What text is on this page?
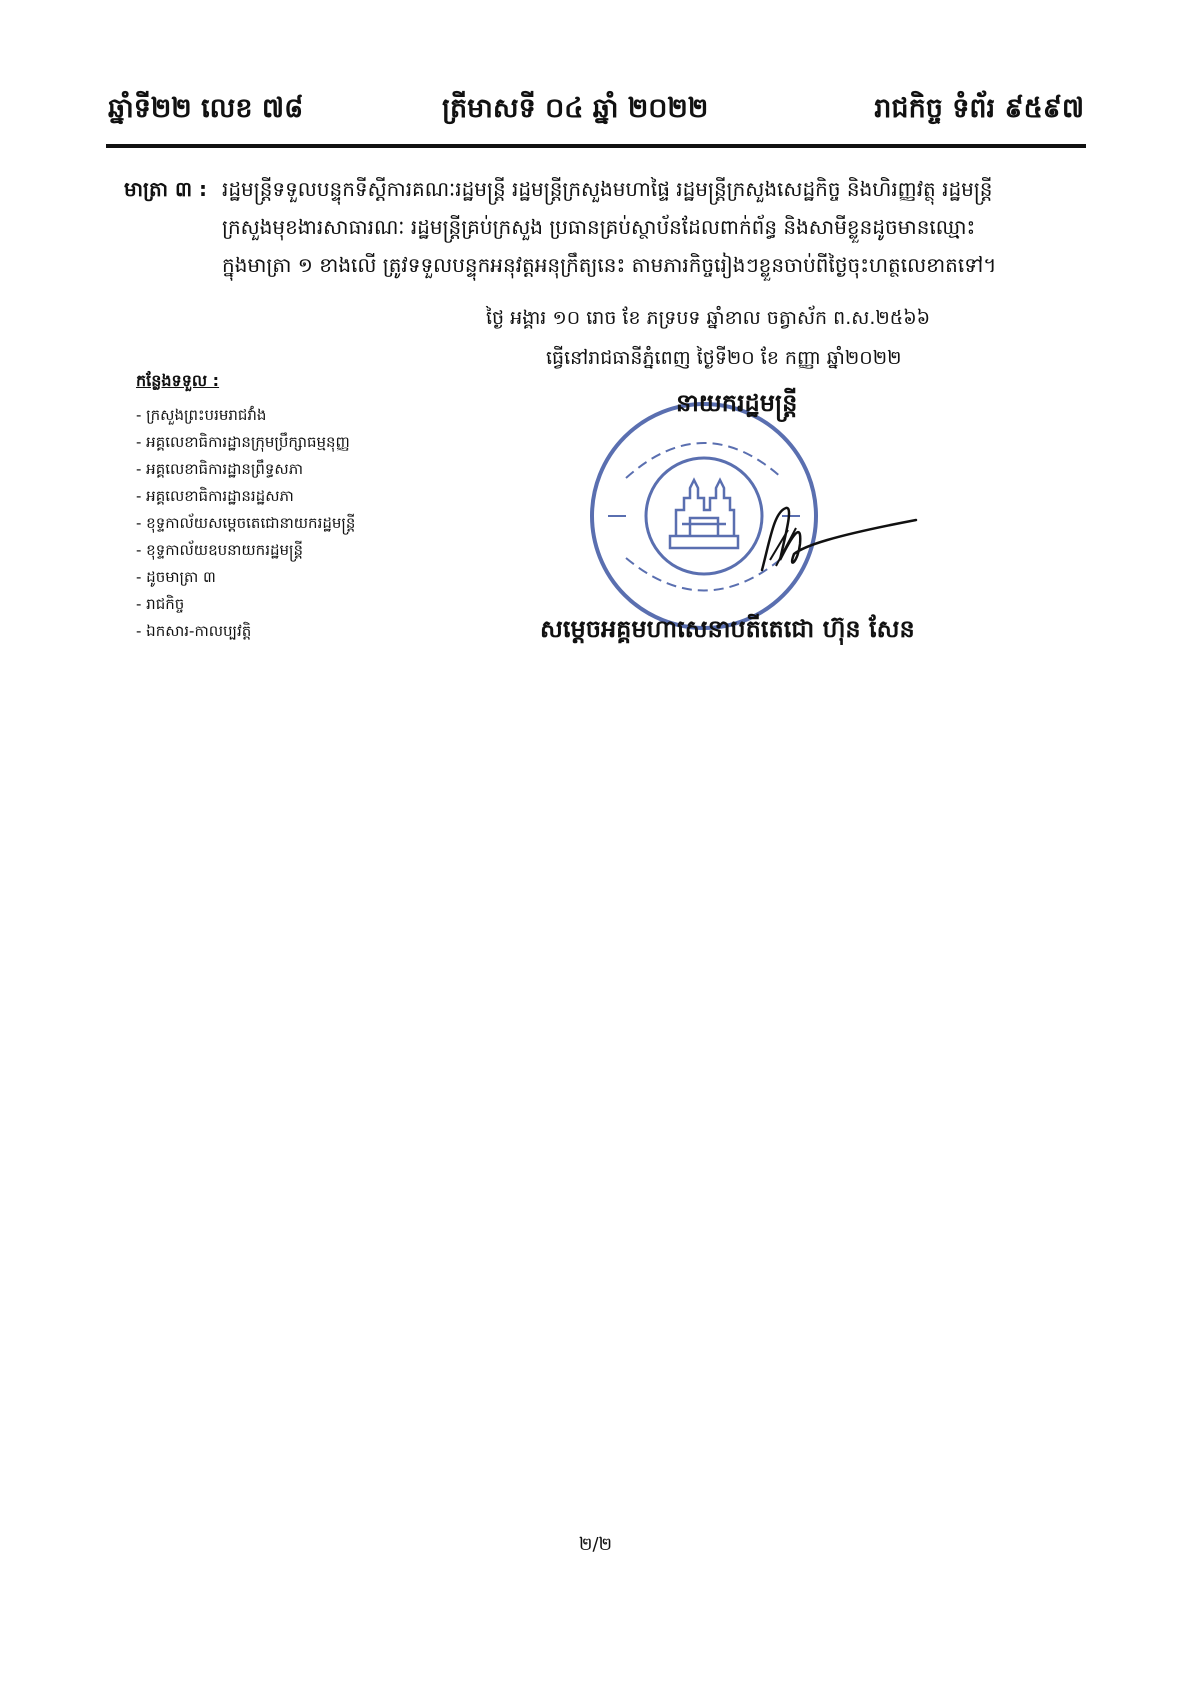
ឆ្នាំទី២២ លេខ ៧៨	ត្រីមាសទី ០៤ ឆ្នាំ ២០២២	រាជកិច្ច ទំព័រ ៩៥៩៧
មាត្រា ៣ : រដ្ឋមន្ត្រីទទួលបន្ទុកទីស្តីការគណៈរដ្ឋមន្ត្រី រដ្ឋមន្ត្រីក្រសួងមហាផ្ទៃ រដ្ឋមន្ត្រីក្រសួងសេដ្ឋកិច្ច និងហិរញ្ញវត្ថុ រដ្ឋមន្ត្រី
ក្រសួងមុខងារសាធារណៈ រដ្ឋមន្ត្រីគ្រប់ក្រសួង ប្រធានគ្រប់ស្ថាប័នដែលពាក់ព័ន្ធ និងសាមីខ្លួនដូចមានឈ្មោះ
ក្នុងមាត្រា ១ ខាងលើ ត្រូវទទួលបន្ទុកអនុវត្តអនុក្រឹត្យនេះ តាមភារកិច្ចរៀងៗខ្លួនចាប់ពីថ្ងៃចុះហត្ថលេខាតទៅ។
ថ្ងៃ អង្គារ ១០ រោច ខែ ភទ្របទ ឆ្នាំខាល ចត្វាស័ក ព.ស.២៥៦៦
ធ្វើនៅរាជធានីភ្នំពេញ ថ្ងៃទី២០ ខែ កញ្ញា ឆ្នាំ២០២២
កន្លែងទទួល :
- ក្រសួងព្រះបរមរាជវាំង
- អគ្គលេខាធិការដ្ឋានក្រុមប្រឹក្សាធម្មនុញ្ញ
- អគ្គលេខាធិការដ្ឋានព្រឹទ្ធសភា
- អគ្គលេខាធិការដ្ឋានរដ្ឋសភា
- ខុទ្ទកាល័យសម្តេចតេជោនាយករដ្ឋមន្ត្រី
- ខុទ្ទកាល័យឧបនាយករដ្ឋមន្ត្រី
- ដូចមាត្រា ៣
- រាជកិច្ច
- ឯកសារ-កាលប្បវត្តិ
នាយករដ្ឋមន្ត្រី
សម្តេចអគ្គមហាសេនាបតីតេជោ ហ៊ុន សែន
២/២
